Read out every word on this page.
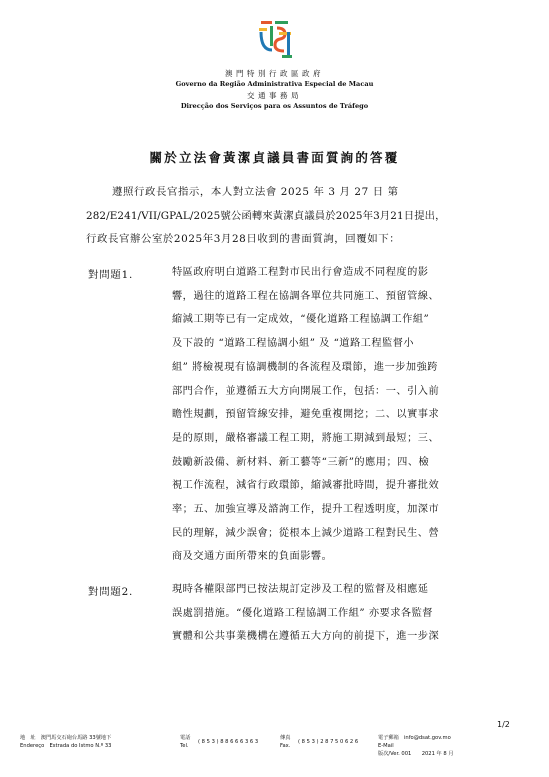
澳門特別行政區政府
Governo da Região Administrativa Especial de Macau
交通事務局
Direcção dos Serviços para os Assuntos de Tráfego
關於立法會黃潔貞議員書面質詢的答覆
遵照行政長官指示，本人對立法會 2025 年 3 月 27 日 第
282/E241/VII/GPAL/2025號公函轉來黃潔貞議員於2025年3月21日提出，
行政長官辦公室於2025年3月28日收到的書面質詢，回覆如下：
對問題1.	特區政府明白道路工程對市民出行會造成不同程度的影
響，過往的道路工程在協調各單位共同施工、預留管線、
縮減工期等已有一定成效，“優化道路工程協調工作組”
及下設的 “道路工程協調小組” 及 “道路工程監督小
組” 將檢視現有協調機制的各流程及環節，進一步加強跨
部門合作，並遵循五大方向開展工作，包括：一、引入前
瞻性規劃，預留管線安排，避免重複開挖；二、以實事求
是的原則，嚴格審議工程工期，將施工期減到最短；三、
鼓勵新設備、新材料、新工藝等“三新”的應用；四、檢
視工作流程，減省行政環節，縮減審批時間，提升審批效
率；五、加強宣導及諮詢工作，提升工程透明度，加深市
民的理解，減少誤會；從根本上減少道路工程對民生、營
商及交通方面所帶來的負面影響。
對問題2.	現時各權限部門已按法規訂定涉及工程的監督及相應延
誤處罰措施。“優化道路工程協調工作組” 亦要求各監督
實體和公共事業機構在遵循五大方向的前提下，進一步深
1/2
地　址　 澳門馬交石砲台馬路 33號地下
Endereço　 Estrada do Istmo N.º 33
電話
Tel.
( 8 5 3 ) 8 8 6 6 6 3 6 3
傳真
Fax.
( 8 5 3 ) 2 8 7 5 0 6 2 6
電子郵箱　 info@dsat.gov.mo
E-Mail
版次/Ver. 001　　2021 年 8 月
